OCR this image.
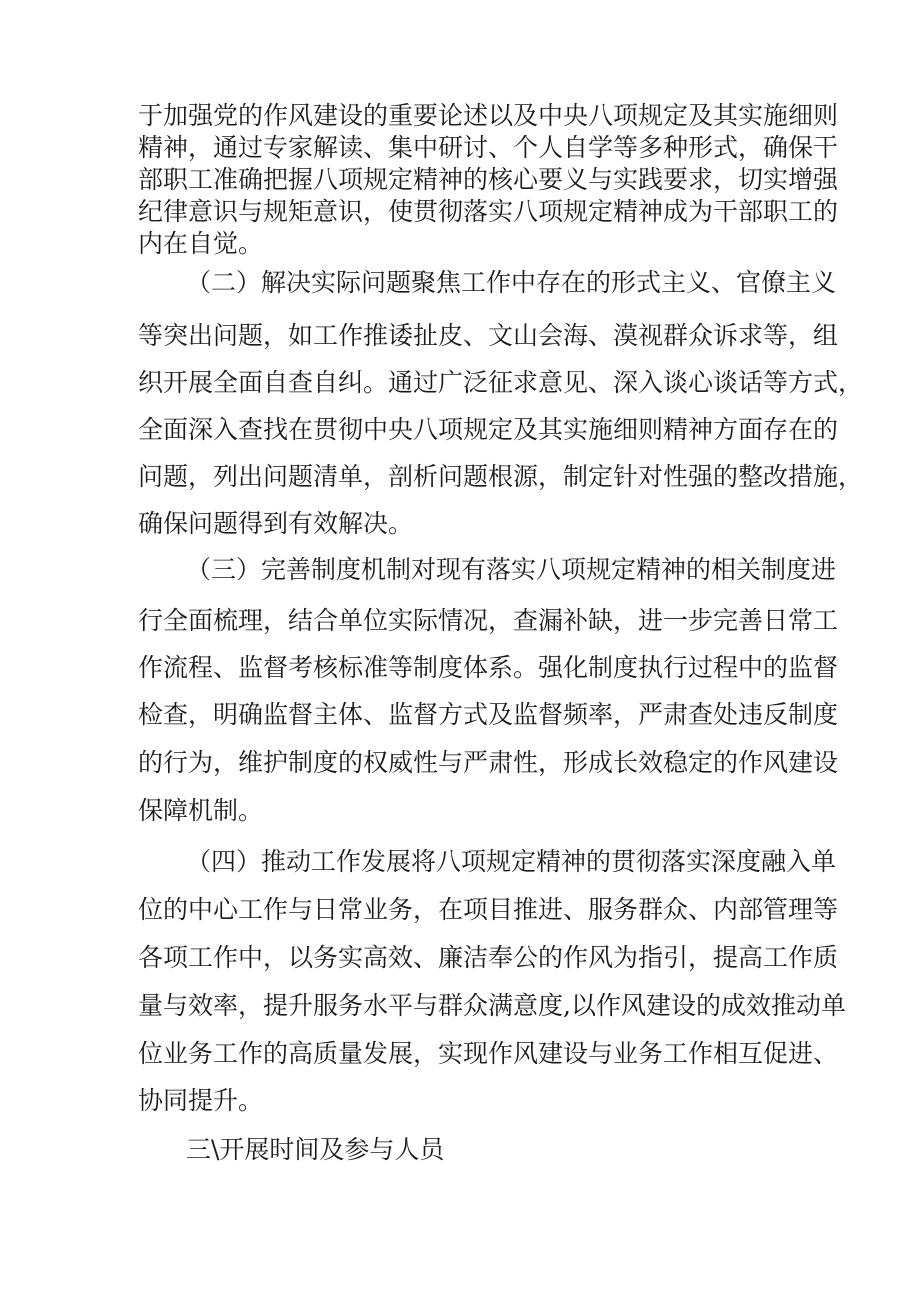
于加强党的作风建设的重要论述以及中央八项规定及其实施细则
精神，通过专家解读、集中研讨、个人自学等多种形式，确保干
部职工准确把握八项规定精神的核心要义与实践要求，切实增强
纪律意识与规矩意识，使贯彻落实八项规定精神成为干部职工的
内在自觉。
（二）解决实际问题聚焦工作中存在的形式主义、官僚主义
等突出问题，如工作推诿扯皮、文山会海、漠视群众诉求等，组
织开展全面自查自纠。通过广泛征求意见、深入谈心谈话等方式，
全面深入查找在贯彻中央八项规定及其实施细则精神方面存在的
问题，列出问题清单，剖析问题根源，制定针对性强的整改措施，
确保问题得到有效解决。
（三）完善制度机制对现有落实八项规定精神的相关制度进
行全面梳理，结合单位实际情况，查漏补缺，进一步完善日常工
作流程、监督考核标准等制度体系。强化制度执行过程中的监督
检查，明确监督主体、监督方式及监督频率，严肃查处违反制度
的行为，维护制度的权威性与严肃性，形成长效稳定的作风建设
保障机制。
（四）推动工作发展将八项规定精神的贯彻落实深度融入单
位的中心工作与日常业务，在项目推进、服务群众、内部管理等
各项工作中，以务实高效、廉洁奉公的作风为指引，提高工作质
量与效率，提升服务水平与群众满意度,以作风建设的成效推动单
位业务工作的高质量发展，实现作风建设与业务工作相互促进、
协同提升。
三\开展时间及参与人员
